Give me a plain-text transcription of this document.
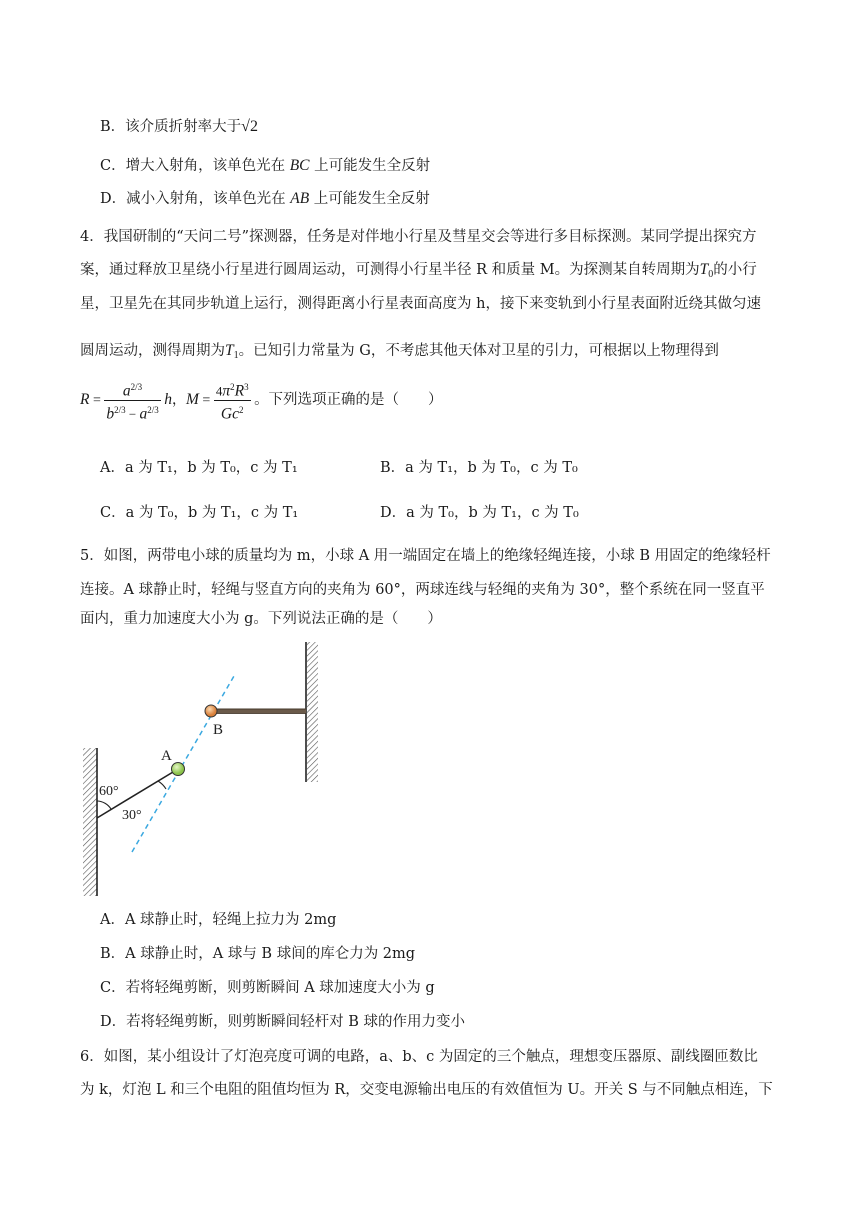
B．该介质折射率大于√2
C．增大入射角，该单色光在 BC 上可能发生全反射
D．减小入射角，该单色光在 AB 上可能发生全反射
4．我国研制的“天问二号”探测器，任务是对伴地小行星及彗星交会等进行多目标探测。某同学提出探究方
案，通过释放卫星绕小行星进行圆周运动，可测得小行星半径 R 和质量 M。为探测某自转周期为$T_0$的小行
星，卫星先在其同步轨道上运行，测得距离小行星表面高度为 h，接下来变轨到小行星表面附近绕其做匀速
圆周运动，测得周期为$T_1$。已知引力常量为 G，不考虑其他天体对卫星的引力，可根据以上物理得到
$R = \frac{a^{2/3}}{b^{2/3} - a^{2/3}}$ h，$M = \frac{4\pi^2R^3}{Gc^2}$ 。下列选项正确的是（　　）
A．a 为 T₁，b 为 T₀，c 为 T₁	B．a 为 T₁，b 为 T₀，c 为 T₀
C．a 为 T₀，b 为 T₁，c 为 T₁	D．a 为 T₀，b 为 T₁，c 为 T₀
5．如图，两带电小球的质量均为 m，小球 A 用一端固定在墙上的绝缘轻绳连接，小球 B 用固定的绝缘轻杆
连接。A 球静止时，轻绳与竖直方向的夹角为 60°，两球连线与轻绳的夹角为 30°，整个系统在同一竖直平
面内，重力加速度大小为 g。下列说法正确的是（　　）
A
B
60°
30°
A．A 球静止时，轻绳上拉力为 2mg
B．A 球静止时，A 球与 B 球间的库仑力为 2mg
C．若将轻绳剪断，则剪断瞬间 A 球加速度大小为 g
D．若将轻绳剪断，则剪断瞬间轻杆对 B 球的作用力变小
6．如图，某小组设计了灯泡亮度可调的电路，a、b、c 为固定的三个触点，理想变压器原、副线圈匝数比
为 k，灯泡 L 和三个电阻的阻值均恒为 R，交变电源输出电压的有效值恒为 U。开关 S 与不同触点相连，下
